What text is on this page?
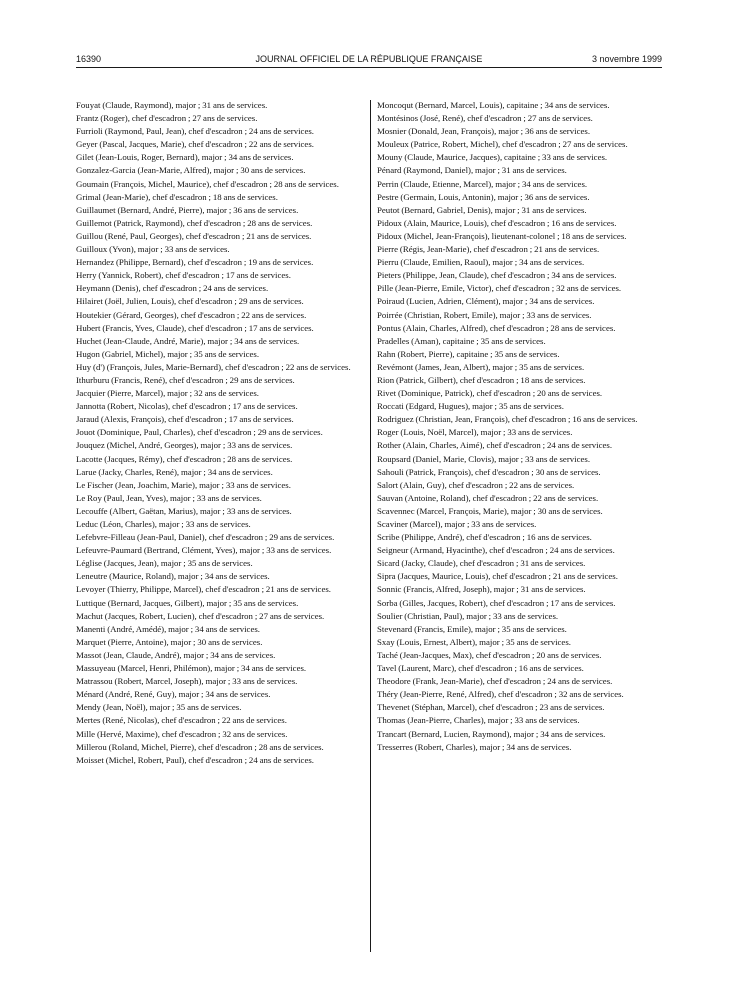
16390	JOURNAL OFFICIEL DE LA RÉPUBLIQUE FRANÇAISE	3 novembre 1999

Fouyat (Claude, Raymond), major ; 31 ans de services.

Frantz (Roger), chef d'escadron ; 27 ans de services.

Furrioli (Raymond, Paul, Jean), chef d'escadron ; 24 ans de services.

Geyer (Pascal, Jacques, Marie), chef d'escadron ; 22 ans de services.

Gilet (Jean-Louis, Roger, Bernard), major ; 34 ans de services.

Gonzalez-Garcia (Jean-Marie, Alfred), major ; 30 ans de services.

Goumain (François, Michel, Maurice), chef d'escadron ; 28 ans de services.

Grimal (Jean-Marie), chef d'escadron ; 18 ans de services.

Guillaumet (Bernard, André, Pierre), major ; 36 ans de services.

Guillemot (Patrick, Raymond), chef d'escadron ; 28 ans de services.

Guillou (René, Paul, Georges), chef d'escadron ; 21 ans de services.

Guilloux (Yvon), major ; 33 ans de services.

Hernandez (Philippe, Bernard), chef d'escadron ; 19 ans de services.

Herry (Yannick, Robert), chef d'escadron ; 17 ans de services.

Heymann (Denis), chef d'escadron ; 24 ans de services.

Hilairet (Joël, Julien, Louis), chef d'escadron ; 29 ans de services.

Houtekier (Gérard, Georges), chef d'escadron ; 22 ans de services.

Hubert (Francis, Yves, Claude), chef d'escadron ; 17 ans de services.

Huchet (Jean-Claude, André, Marie), major ; 34 ans de services.

Hugon (Gabriel, Michel), major ; 35 ans de services.

Huy (d') (François, Jules, Marie-Bernard), chef d'escadron ; 22 ans de services.

Ithurburu (Francis, René), chef d'escadron ; 29 ans de services.

Jacquier (Pierre, Marcel), major ; 32 ans de services.

Jannotta (Robert, Nicolas), chef d'escadron ; 17 ans de services.

Jaraud (Alexis, François), chef d'escadron ; 17 ans de services.

Jouot (Dominique, Paul, Charles), chef d'escadron ; 29 ans de services.

Jouquez (Michel, André, Georges), major ; 33 ans de services.

Lacotte (Jacques, Rémy), chef d'escadron ; 28 ans de services.

Larue (Jacky, Charles, René), major ; 34 ans de services.

Le Fischer (Jean, Joachim, Marie), major ; 33 ans de services.

Le Roy (Paul, Jean, Yves), major ; 33 ans de services.

Lecouffe (Albert, Gaëtan, Marius), major ; 33 ans de services.

Leduc (Léon, Charles), major ; 33 ans de services.

Lefebvre-Filleau (Jean-Paul, Daniel), chef d'escadron ; 29 ans de services.

Lefeuvre-Paumard (Bertrand, Clément, Yves), major ; 33 ans de services.

Léglise (Jacques, Jean), major ; 35 ans de services.

Leneutre (Maurice, Roland), major ; 34 ans de services.

Levoyer (Thierry, Philippe, Marcel), chef d'escadron ; 21 ans de services.

Luttique (Bernard, Jacques, Gilbert), major ; 35 ans de services.

Machut (Jacques, Robert, Lucien), chef d'escadron ; 27 ans de services.

Manenti (André, Amédé), major ; 34 ans de services.

Marquet (Pierre, Antoine), major ; 30 ans de services.

Massot (Jean, Claude, André), major ; 34 ans de services.

Massuyeau (Marcel, Henri, Philémon), major ; 34 ans de services.

Matrassou (Robert, Marcel, Joseph), major ; 33 ans de services.

Ménard (André, René, Guy), major ; 34 ans de services.

Mendy (Jean, Noël), major ; 35 ans de services.

Mertes (René, Nicolas), chef d'escadron ; 22 ans de services.

Mille (Hervé, Maxime), chef d'escadron ; 32 ans de services.

Millerou (Roland, Michel, Pierre), chef d'escadron ; 28 ans de services.

Moisset (Michel, Robert, Paul), chef d'escadron ; 24 ans de services.

Moncoqut (Bernard, Marcel, Louis), capitaine ; 34 ans de services.

Montésinos (José, René), chef d'escadron ; 27 ans de services.

Mosnier (Donald, Jean, François), major ; 36 ans de services.

Mouleux (Patrice, Robert, Michel), chef d'escadron ; 27 ans de services.

Mouny (Claude, Maurice, Jacques), capitaine ; 33 ans de services.

Pénard (Raymond, Daniel), major ; 31 ans de services.

Perrin (Claude, Etienne, Marcel), major ; 34 ans de services.

Pestre (Germain, Louis, Antonin), major ; 36 ans de services.

Peutot (Bernard, Gabriel, Denis), major ; 31 ans de services.

Pidoux (Alain, Maurice, Louis), chef d'escadron ; 16 ans de services.

Pidoux (Michel, Jean-François), lieutenant-colonel ; 18 ans de services.

Pierre (Régis, Jean-Marie), chef d'escadron ; 21 ans de services.

Pierru (Claude, Emilien, Raoul), major ; 34 ans de services.

Pieters (Philippe, Jean, Claude), chef d'escadron ; 34 ans de services.

Pille (Jean-Pierre, Emile, Victor), chef d'escadron ; 32 ans de services.

Poiraud (Lucien, Adrien, Clément), major ; 34 ans de services.

Poirrée (Christian, Robert, Emile), major ; 33 ans de services.

Pontus (Alain, Charles, Alfred), chef d'escadron ; 28 ans de services.

Pradelles (Aman), capitaine ; 35 ans de services.

Rahn (Robert, Pierre), capitaine ; 35 ans de services.

Revémont (James, Jean, Albert), major ; 35 ans de services.

Rion (Patrick, Gilbert), chef d'escadron ; 18 ans de services.

Rivet (Dominique, Patrick), chef d'escadron ; 20 ans de services.

Roccati (Edgard, Hugues), major ; 35 ans de services.

Rodriguez (Christian, Jean, François), chef d'escadron ; 16 ans de services.

Roger (Louis, Noël, Marcel), major ; 33 ans de services.

Rother (Alain, Charles, Aimé), chef d'escadron ; 24 ans de services.

Roupsard (Daniel, Marie, Clovis), major ; 33 ans de services.

Sahouli (Patrick, François), chef d'escadron ; 30 ans de services.

Salort (Alain, Guy), chef d'escadron ; 22 ans de services.

Sauvan (Antoine, Roland), chef d'escadron ; 22 ans de services.

Scavennec (Marcel, François, Marie), major ; 30 ans de services.

Scaviner (Marcel), major ; 33 ans de services.

Scribe (Philippe, André), chef d'escadron ; 16 ans de services.

Seigneur (Armand, Hyacinthe), chef d'escadron ; 24 ans de services.

Sicard (Jacky, Claude), chef d'escadron ; 31 ans de services.

Sipra (Jacques, Maurice, Louis), chef d'escadron ; 21 ans de services.

Sonnic (Francis, Alfred, Joseph), major ; 31 ans de services.

Sorba (Gilles, Jacques, Robert), chef d'escadron ; 17 ans de services.

Soulier (Christian, Paul), major ; 33 ans de services.

Stevenard (Francis, Emile), major ; 35 ans de services.

Sxay (Louis, Ernest, Albert), major ; 35 ans de services.

Taché (Jean-Jacques, Max), chef d'escadron ; 20 ans de services.

Tavel (Laurent, Marc), chef d'escadron ; 16 ans de services.

Theodore (Frank, Jean-Marie), chef d'escadron ; 24 ans de services.

Théry (Jean-Pierre, René, Alfred), chef d'escadron ; 32 ans de services.

Thevenet (Stéphan, Marcel), chef d'escadron ; 23 ans de services.

Thomas (Jean-Pierre, Charles), major ; 33 ans de services.

Trancart (Bernard, Lucien, Raymond), major ; 34 ans de services.

Tresserres (Robert, Charles), major ; 34 ans de services.
